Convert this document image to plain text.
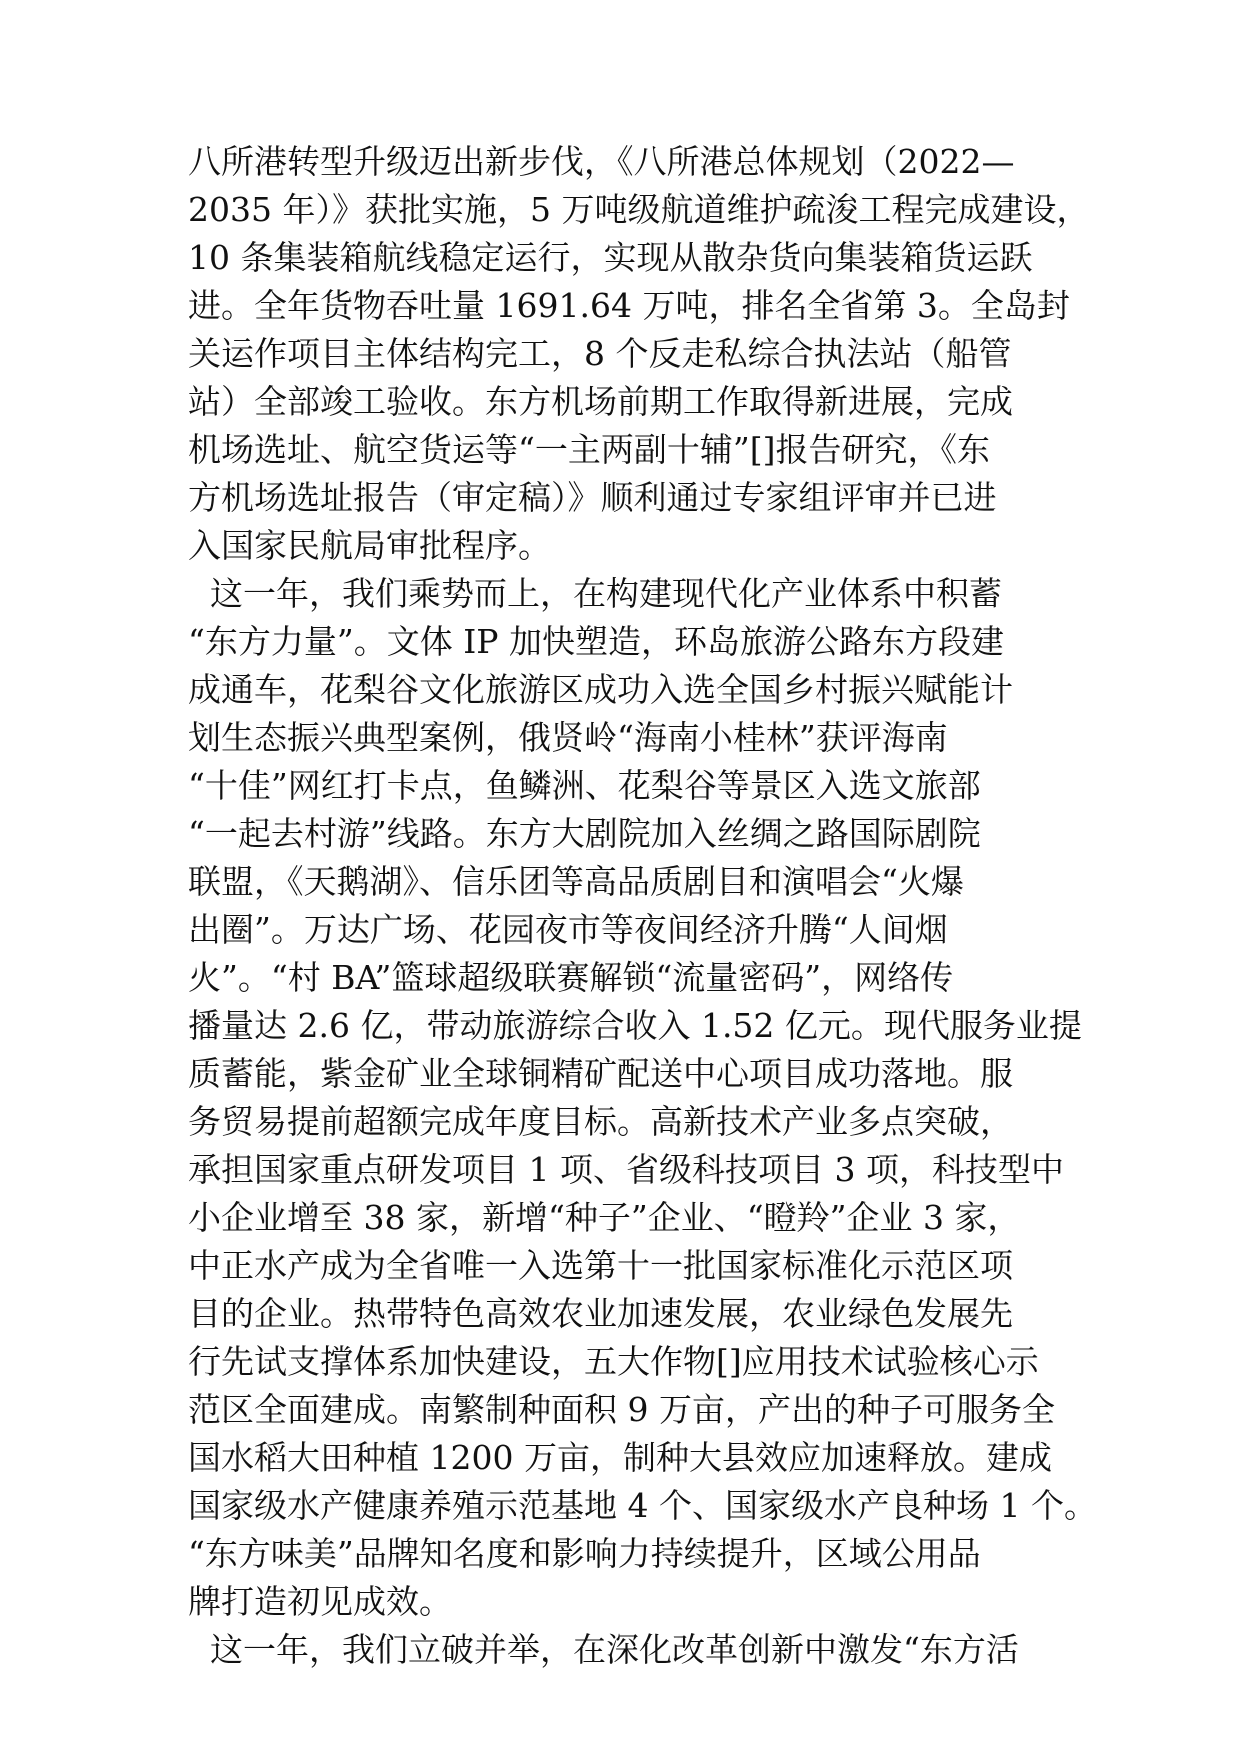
八所港转型升级迈出新步伐，《八所港总体规划（2022—
2035 年）》获批实施，5 万吨级航道维护疏浚工程完成建设，
10 条集装箱航线稳定运行，实现从散杂货向集装箱货运跃
进。全年货物吞吐量 1691.64 万吨，排名全省第 3。全岛封
关运作项目主体结构完工，8 个反走私综合执法站（船管
站）全部竣工验收。东方机场前期工作取得新进展，完成
机场选址、航空货运等“一主两副十辅”[]报告研究，《东
方机场选址报告（审定稿）》顺利通过专家组评审并已进
入国家民航局审批程序。
这一年，我们乘势而上，在构建现代化产业体系中积蓄
“东方力量”。文体 IP 加快塑造，环岛旅游公路东方段建
成通车，花梨谷文化旅游区成功入选全国乡村振兴赋能计
划生态振兴典型案例，俄贤岭“海南小桂林”获评海南
“十佳”网红打卡点，鱼鳞洲、花梨谷等景区入选文旅部
“一起去村游”线路。东方大剧院加入丝绸之路国际剧院
联盟，《天鹅湖》、信乐团等高品质剧目和演唱会“火爆
出圈”。万达广场、花园夜市等夜间经济升腾“人间烟
火”。“村 BA”篮球超级联赛解锁“流量密码”，网络传
播量达 2.6 亿，带动旅游综合收入 1.52 亿元。现代服务业提
质蓄能，紫金矿业全球铜精矿配送中心项目成功落地。服
务贸易提前超额完成年度目标。高新技术产业多点突破，
承担国家重点研发项目 1 项、省级科技项目 3 项，科技型中
小企业增至 38 家，新增“种子”企业、“瞪羚”企业 3 家，
中正水产成为全省唯一入选第十一批国家标准化示范区项
目的企业。热带特色高效农业加速发展，农业绿色发展先
行先试支撑体系加快建设，五大作物[]应用技术试验核心示
范区全面建成。南繁制种面积 9 万亩，产出的种子可服务全
国水稻大田种植 1200 万亩，制种大县效应加速释放。建成
国家级水产健康养殖示范基地 4 个、国家级水产良种场 1 个。
“东方味美”品牌知名度和影响力持续提升，区域公用品
牌打造初见成效。
这一年，我们立破并举，在深化改革创新中激发“东方活
